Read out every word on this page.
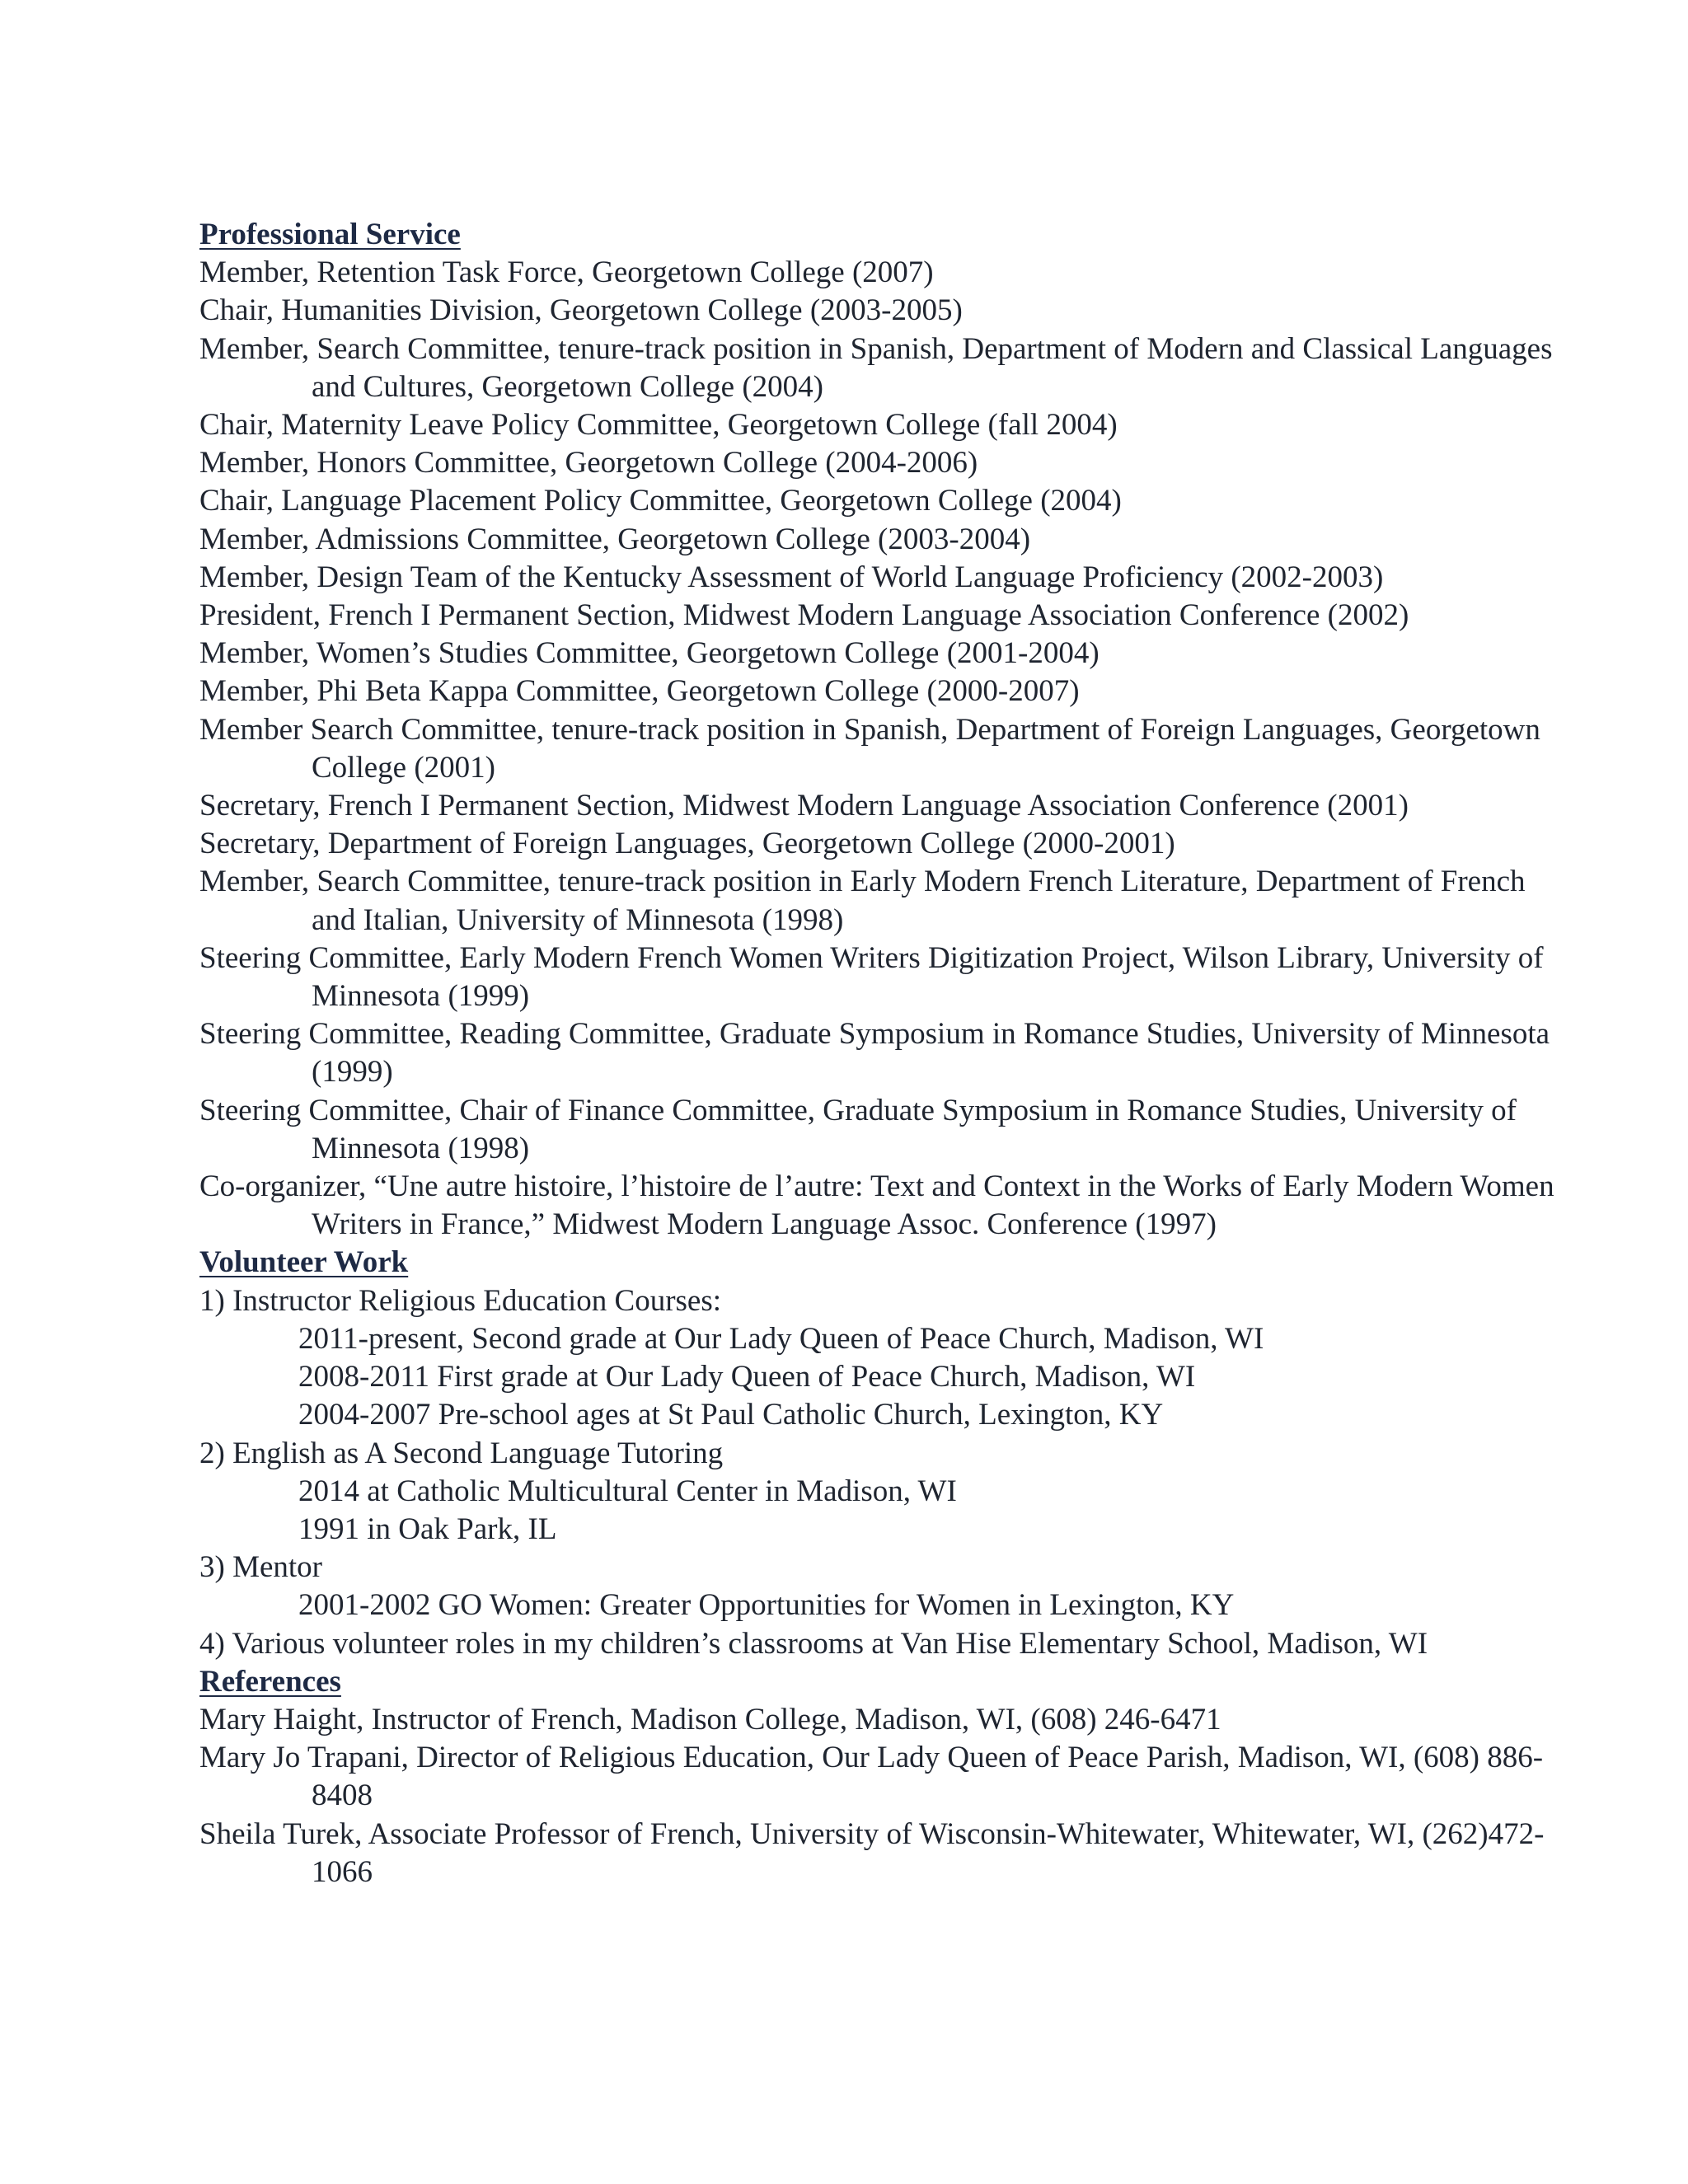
Professional Service
Member, Retention Task Force, Georgetown College (2007)
Chair, Humanities Division, Georgetown College (2003-2005)
Member, Search Committee, tenure-track position in Spanish, Department of Modern and Classical Languages and Cultures, Georgetown College (2004)
Chair, Maternity Leave Policy Committee, Georgetown College (fall 2004)
Member, Honors Committee, Georgetown College (2004-2006)
Chair, Language Placement Policy Committee, Georgetown College (2004)
Member, Admissions Committee, Georgetown College (2003-2004)
Member, Design Team of the Kentucky Assessment of World Language Proficiency (2002-2003)
President, French I Permanent Section, Midwest Modern Language Association Conference (2002)
Member, Women’s Studies Committee, Georgetown College (2001-2004)
Member, Phi Beta Kappa Committee, Georgetown College (2000-2007)
Member Search Committee, tenure-track position in Spanish, Department of Foreign Languages, Georgetown College (2001)
Secretary, French I Permanent Section, Midwest Modern Language Association Conference (2001)
Secretary, Department of Foreign Languages, Georgetown College (2000-2001)
Member, Search Committee, tenure-track position in Early Modern French Literature, Department of French and Italian, University of Minnesota (1998)
Steering Committee, Early Modern French Women Writers Digitization Project, Wilson Library, University of Minnesota (1999)
Steering Committee, Reading Committee, Graduate Symposium in Romance Studies, University of Minnesota (1999)
Steering Committee, Chair of Finance Committee, Graduate Symposium in Romance Studies, University of Minnesota (1998)
Co-organizer, “Une autre histoire, l’histoire de l’autre: Text and Context in the Works of Early Modern Women Writers in France,” Midwest Modern Language Assoc. Conference (1997)
Volunteer Work
1) Instructor Religious Education Courses:
2011-present, Second grade at Our Lady Queen of Peace Church, Madison, WI
2008-2011 First grade at Our Lady Queen of Peace Church, Madison, WI
2004-2007 Pre-school ages at St Paul Catholic Church, Lexington, KY
2) English as A Second Language Tutoring
2014 at Catholic Multicultural Center in Madison, WI
1991 in Oak Park, IL
3) Mentor
2001-2002 GO Women: Greater Opportunities for Women in Lexington, KY
4) Various volunteer roles in my children’s classrooms at Van Hise Elementary School, Madison, WI
References
Mary Haight, Instructor of French, Madison College, Madison, WI, (608) 246-6471
Mary Jo Trapani, Director of Religious Education, Our Lady Queen of Peace Parish, Madison, WI, (608) 886-8408
Sheila Turek, Associate Professor of French, University of Wisconsin-Whitewater, Whitewater, WI, (262)472-1066
